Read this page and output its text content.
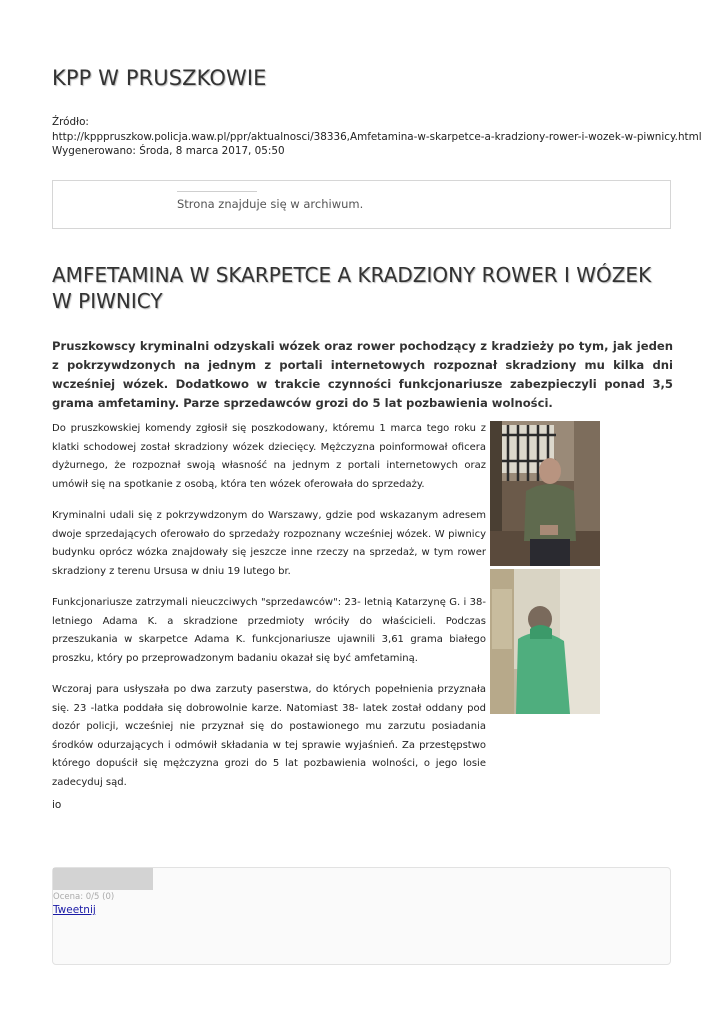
KPP W PRUSZKOWIE
Źródło:
http://kpppruszkow.policja.waw.pl/ppr/aktualnosci/38336,Amfetamina-w-skarpetce-a-kradziony-rower-i-wozek-w-piwnicy.html
Wygenerowano: Środa, 8 marca 2017, 05:50
Strona znajduje się w archiwum.
AMFETAMINA W SKARPETCE A KRADZIONY ROWER I WÓZEK W PIWNICY

Pruszkowscy kryminalni odzyskali wózek oraz rower pochodzący z kradzieży po tym, jak jeden z pokrzywdzonych na jednym z portali internetowych rozpoznał skradziony mu kilka dni wcześniej wózek. Dodatkowo w trakcie czynności funkcjonariusze zabezpieczyli ponad 3,5 grama amfetaminy. Parze sprzedawców grozi do 5 lat pozbawienia wolności.

Do pruszkowskiej komendy zgłosił się poszkodowany, któremu 1 marca tego roku z klatki schodowej został skradziony wózek dziecięcy. Mężczyzna poinformował oficera dyżurnego, że rozpoznał swoją własność na jednym z portali internetowych oraz umówił się na spotkanie z osobą, która ten wózek oferowała do sprzedaży.

Kryminalni udali się z pokrzywdzonym do Warszawy, gdzie pod wskazanym adresem dwoje sprzedających oferowało do sprzedaży rozpoznany wcześniej wózek. W piwnicy budynku oprócz wózka znajdowały się jeszcze inne rzeczy na sprzedaż, w tym rower skradziony z terenu Ursusa w dniu 19 lutego br.

Funkcjonariusze zatrzymali nieuczciwych "sprzedawców": 23- letnią Katarzynę G. i 38- letniego Adama K. a skradzione przedmioty wróciły do właścicieli. Podczas przeszukania w skarpetce Adama K. funkcjonariusze ujawnili 3,61 grama białego proszku, który po przeprowadzonym badaniu okazał się być amfetaminą.

Wczoraj para usłyszała po dwa zarzuty paserstwa, do których popełnienia przyznała się. 23 -latka poddała się dobrowolnie karze. Natomiast 38- latek został oddany pod dozór policji, wcześniej nie przyznał się do postawionego mu zarzutu posiadania środków odurzających i odmówił składania w tej sprawie wyjaśnień. Za przestępstwo którego dopuścił się mężczyzna grozi do 5 lat pozbawienia wolności, o jego losie zadecyduj sąd.

io
Ocena: 0/5 (0)
Tweetnij
